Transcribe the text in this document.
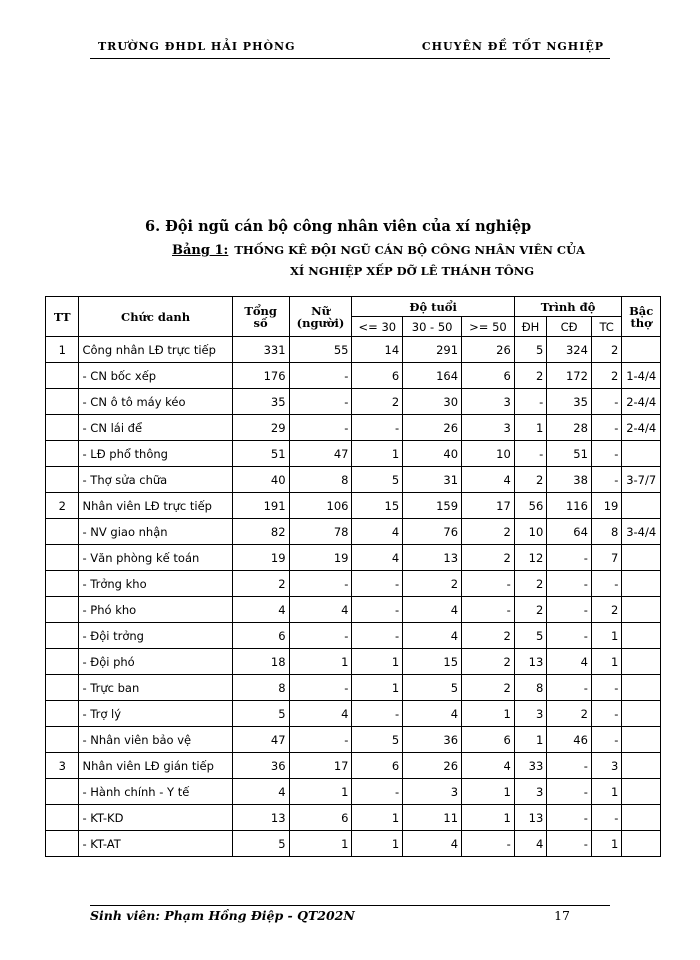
TRƯỜNG ĐHDL HẢI PHÒNG	CHUYÊN ĐỀ TỐT NGHIỆP
6. Đội ngũ cán bộ công nhân viên của xí nghiệp
Bảng 1: THỐNG KÊ ĐỘI NGŨ CÁN BỘ CÔNG NHÂN VIÊN CỦA
XÍ NGHIỆP XẾP DỠ LÊ THÁNH TÔNG
TT	Chức danh	Tổng số	Nữ (người)	Độ tuổi			Trình độ			Bậc thợ
				<= 30	30 - 50	>= 50	ĐH	CĐ	TC	
1	Công nhân LĐ trực tiếp	331	55	14	291	26	5	324	2	
	- CN bốc xếp	176	-	6	164	6	2	172	2	1-4/4
	- CN ô tô máy kéo	35	-	2	30	3	-	35	-	2-4/4
	- CN lái để	29	-	-	26	3	1	28	-	2-4/4
	- LĐ phổ thông	51	47	1	40	10	-	51	-	
	- Thợ sửa chữa	40	8	5	31	4	2	38	-	3-7/7
2	Nhân viên LĐ trực tiếp	191	106	15	159	17	56	116	19	
	- NV giao nhận	82	78	4	76	2	10	64	8	3-4/4
	- Văn phòng kế toán	19	19	4	13	2	12	-	7	
	- Trởng kho	2	-	-	2	-	2	-	-	
	- Phó kho	4	4	-	4	-	2	-	2	
	- Đội trởng	6	-	-	4	2	5	-	1	
	- Đội phó	18	1	1	15	2	13	4	1	
	- Trực ban	8	-	1	5	2	8	-	-	
	- Trợ lý	5	4	-	4	1	3	2	-	
	- Nhân viên bảo vệ	47	-	5	36	6	1	46	-	
3	Nhân viên LĐ gián tiếp	36	17	6	26	4	33	-	3	
	- Hành chính - Y tế	4	1	-	3	1	3	-	1	
	- KT-KD	13	6	1	11	1	13	-	-	
	- KT-AT	5	1	1	4	-	4	-	1	
Sinh viên: Phạm Hồng Điệp - QT202N	17
